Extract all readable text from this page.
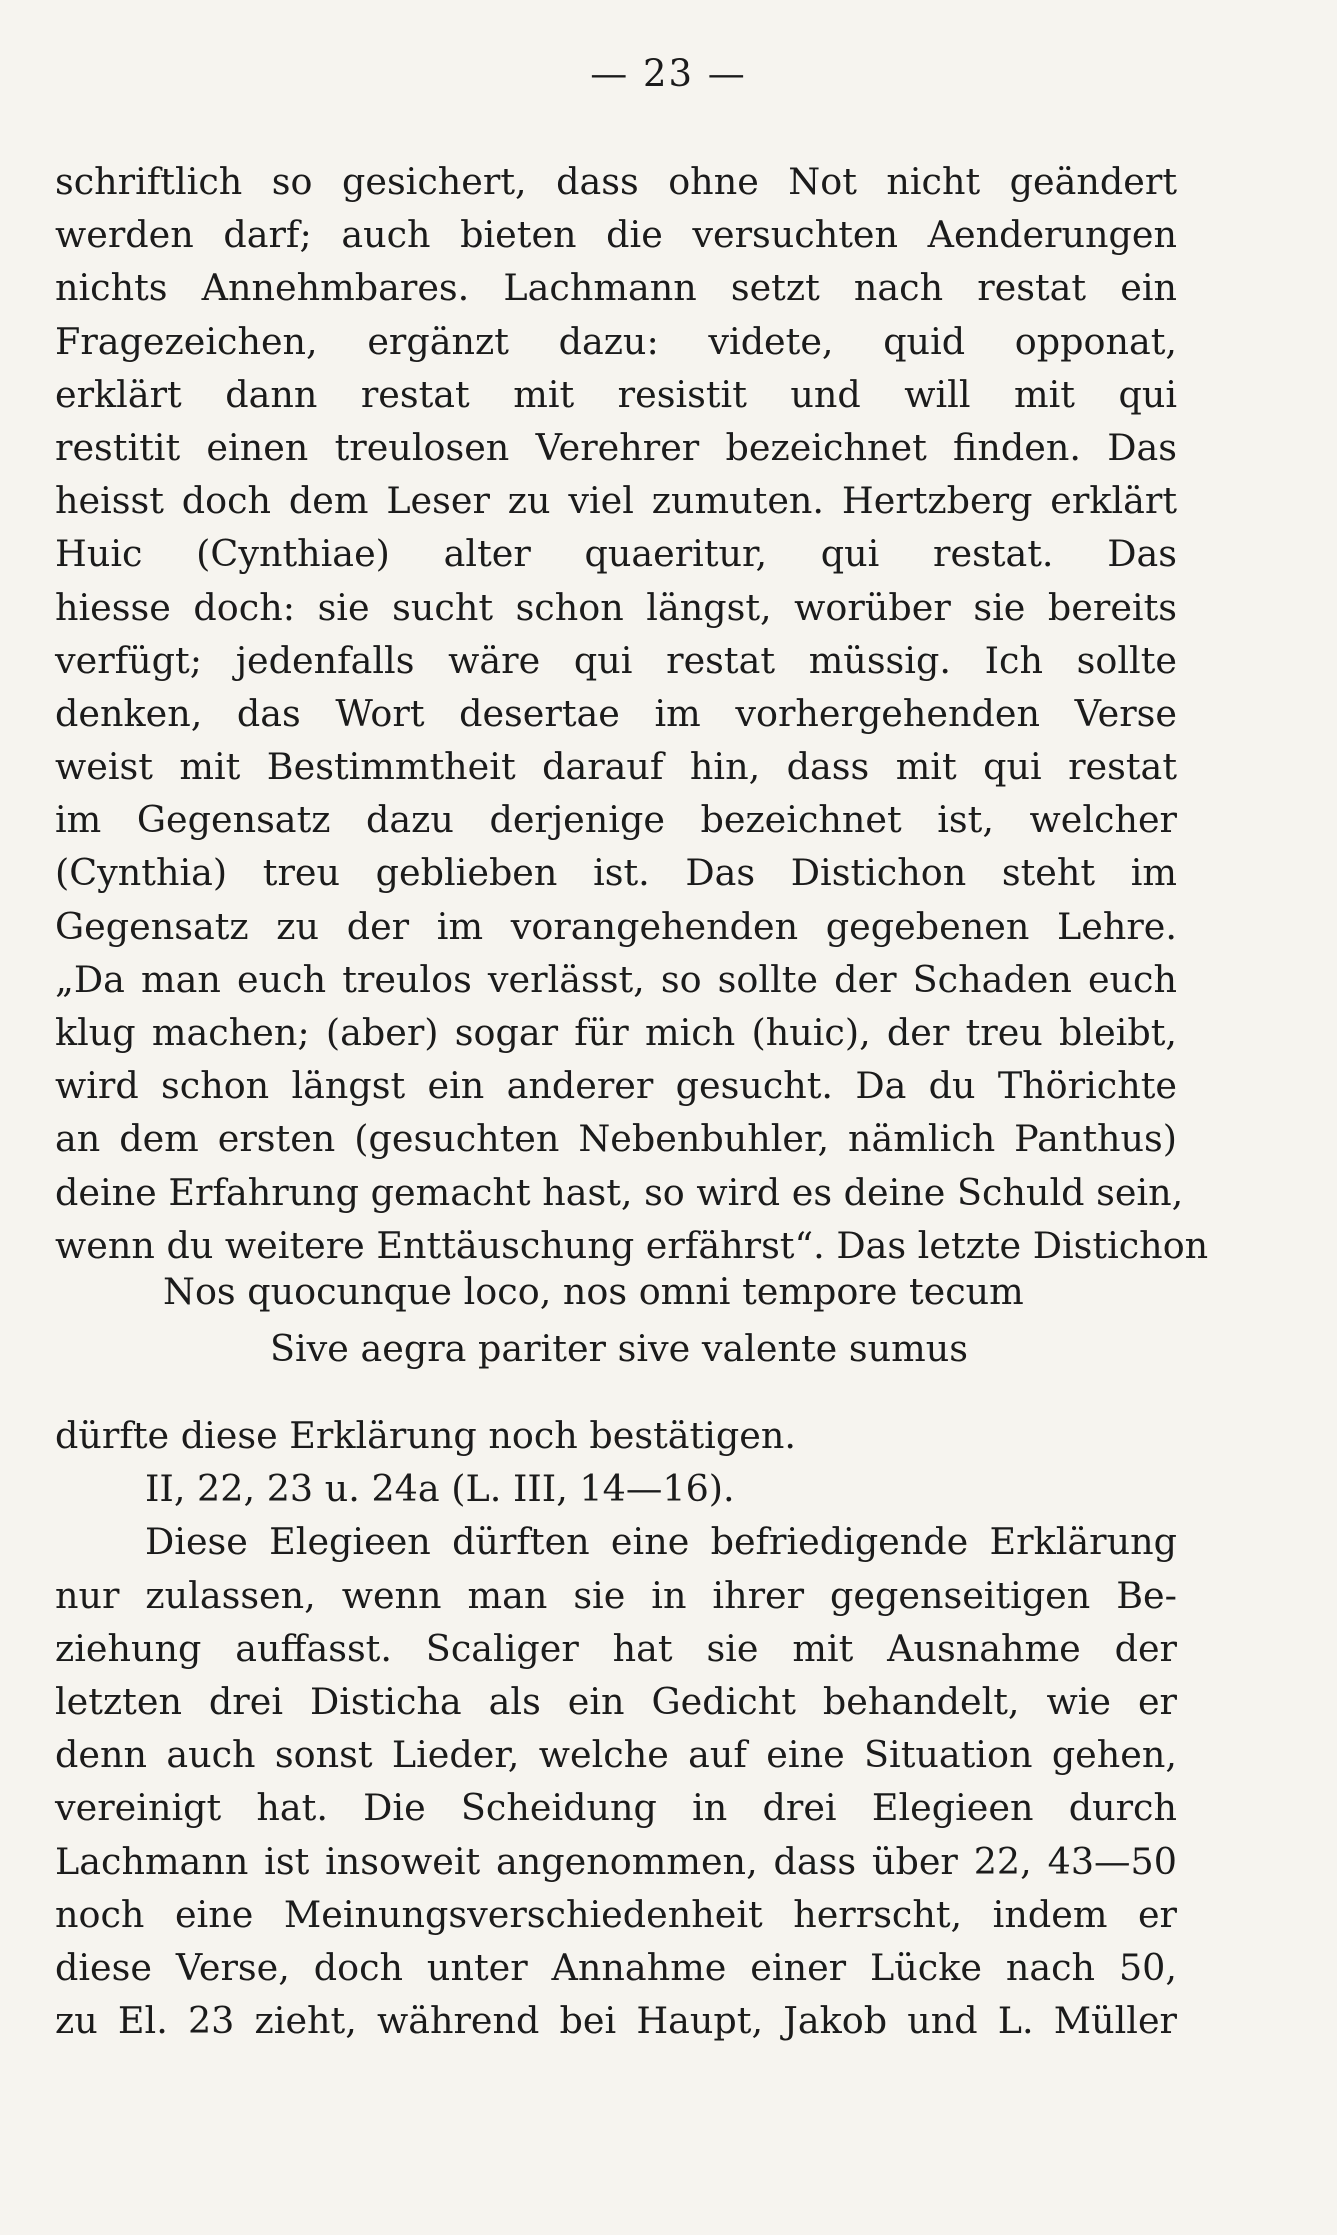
— 23 —
schriftlich so gesichert, dass ohne Not nicht geändert
werden darf; auch bieten die versuchten Aenderungen
nichts Annehmbares. Lachmann setzt nach restat ein
Fragezeichen, ergänzt dazu: videte, quid opponat,
erklärt dann restat mit resistit und will mit qui
restitit einen treulosen Verehrer bezeichnet finden. Das
heisst doch dem Leser zu viel zumuten. Hertzberg erklärt
Huic (Cynthiae) alter quaeritur, qui restat. Das
hiesse doch: sie sucht schon längst, worüber sie bereits
verfügt; jedenfalls wäre qui restat müssig. Ich sollte
denken, das Wort desertae im vorhergehenden Verse
weist mit Bestimmtheit darauf hin, dass mit qui restat
im Gegensatz dazu derjenige bezeichnet ist, welcher
(Cynthia) treu geblieben ist. Das Distichon steht im
Gegensatz zu der im vorangehenden gegebenen Lehre.
„Da man euch treulos verlässt, so sollte der Schaden euch
klug machen; (aber) sogar für mich (huic), der treu bleibt,
wird schon längst ein anderer gesucht. Da du Thörichte
an dem ersten (gesuchten Nebenbuhler, nämlich Panthus)
deine Erfahrung gemacht hast, so wird es deine Schuld sein,
wenn du weitere Enttäuschung erfährst“. Das letzte Distichon
Nos quocunque loco, nos omni tempore tecum
Sive aegra pariter sive valente sumus
dürfte diese Erklärung noch bestätigen.
II, 22, 23 u. 24a (L. III, 14—16).
Diese Elegieen dürften eine befriedigende Erklärung
nur zulassen, wenn man sie in ihrer gegenseitigen Be-
ziehung auffasst. Scaliger hat sie mit Ausnahme der
letzten drei Disticha als ein Gedicht behandelt, wie er
denn auch sonst Lieder, welche auf eine Situation gehen,
vereinigt hat. Die Scheidung in drei Elegieen durch
Lachmann ist insoweit angenommen, dass über 22, 43—50
noch eine Meinungsverschiedenheit herrscht, indem er
diese Verse, doch unter Annahme einer Lücke nach 50,
zu El. 23 zieht, während bei Haupt, Jakob und L. Müller
